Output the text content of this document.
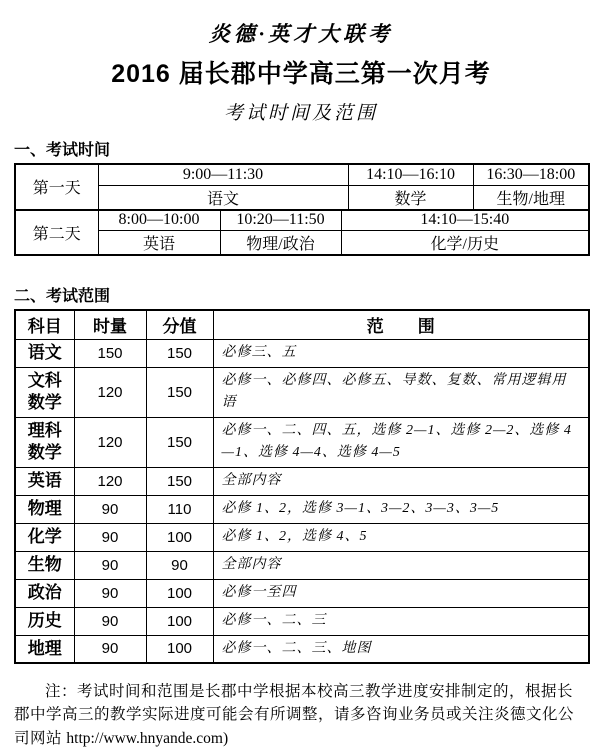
炎德·英才大联考
2016 届长郡中学高三第一次月考
考试时间及范围
一、考试时间
第一天	9:00—11:30			14:10—16:10	16:30—18:00
	语文			数学	生物/地理
第二天	8:00—10:00	10:20—11:50	14:10—15:40		
	英语	物理/政治	化学/历史		
二、考试范围
科目	时量	分值	范　　围
语文	150	150	必修三、五
文科数学	120	150	必修一、必修四、必修五、导数、复数、常用逻辑用语
理科数学	120	150	必修一、二、四、五，选修 2—1、选修 2—2、选修 4—1、选修 4—4、选修 4—5
英语	120	150	全部内容
物理	90	110	必修 1、2，选修 3—1、3—2、3—3、3—5
化学	90	100	必修 1、2，选修 4、5
生物	90	90	全部内容
政治	90	100	必修一至四
历史	90	100	必修一、二、三
地理	90	100	必修一、二、三、地图

注：考试时间和范围是长郡中学根据本校高三教学进度安排制定的，根据长郡中学高三的教学实际进度可能会有所调整，请多咨询业务员或关注炎德文化公司网站 http://www.hnyande.com)
